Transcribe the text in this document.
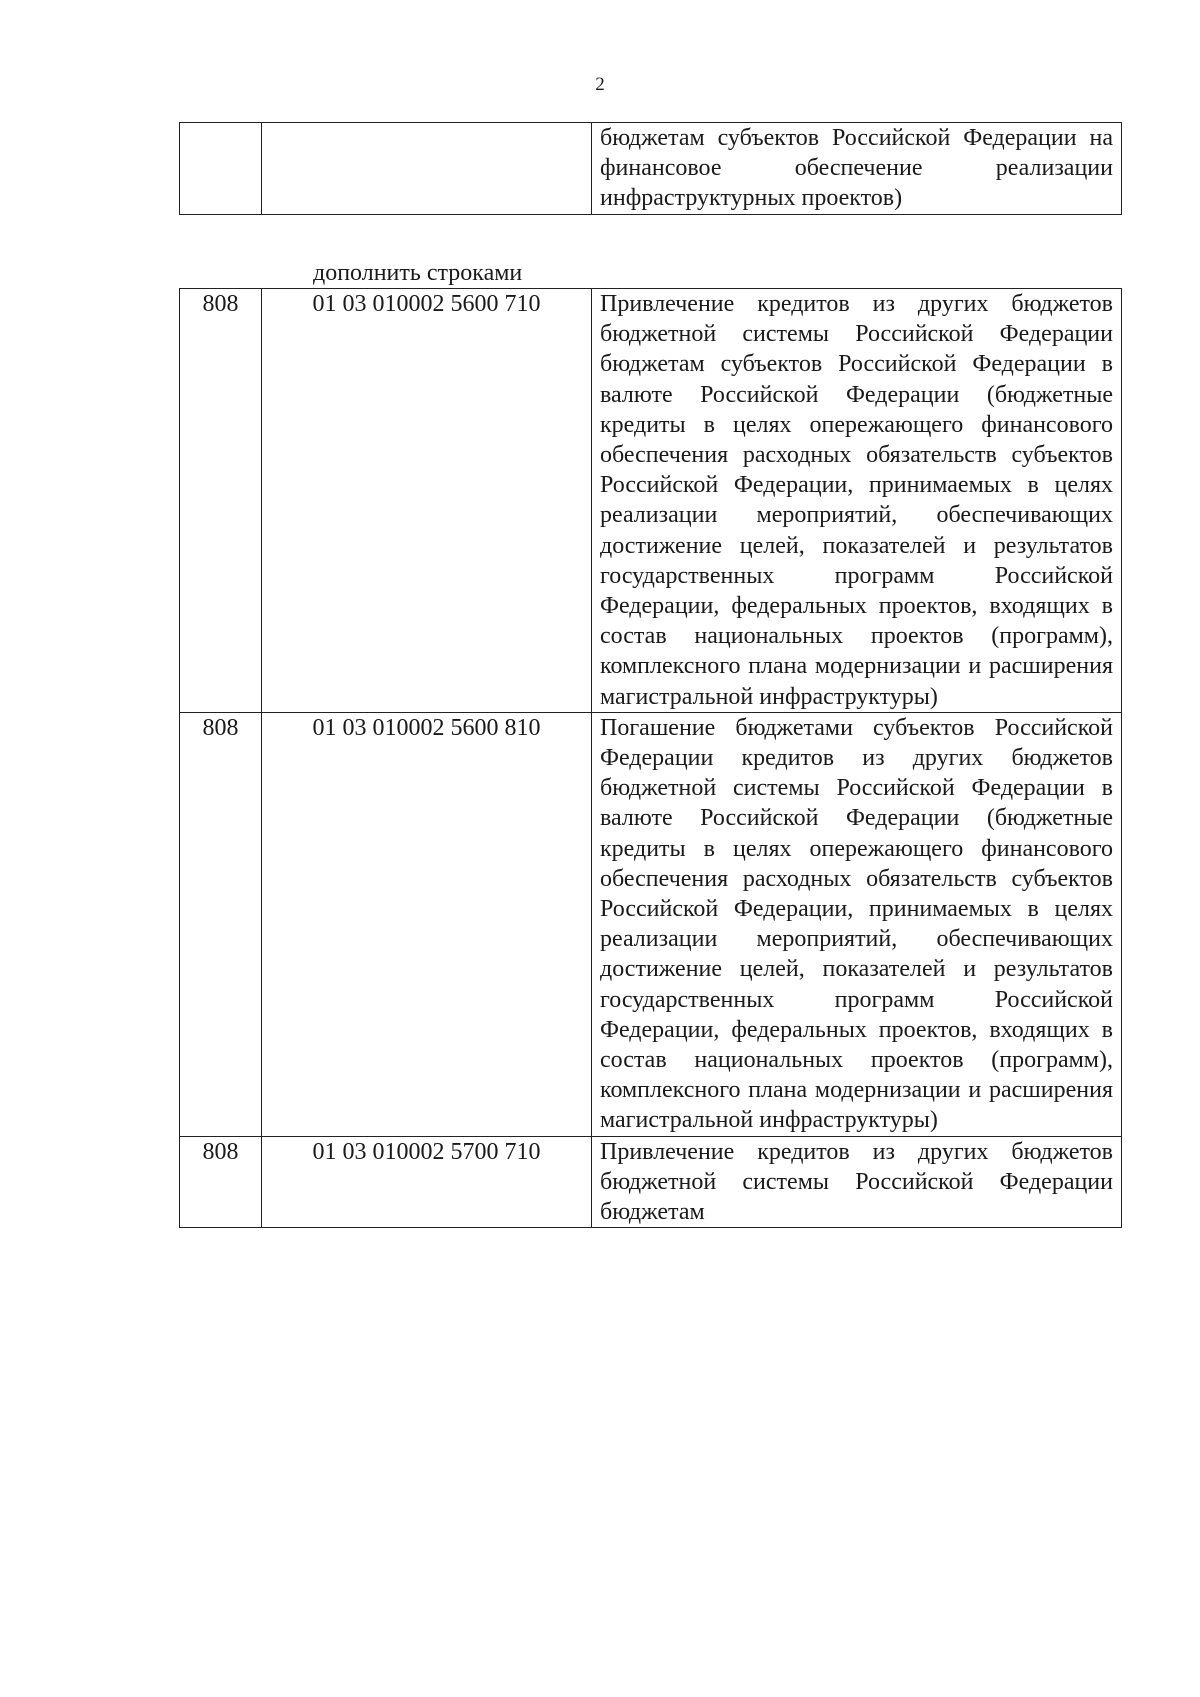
2
		бюджетам субъектов Российской Федерации на финансовое обеспечение реализации инфраструктурных проектов)
дополнить строками
808	01 03 010002 5600 710	Привлечение кредитов из других бюджетов бюджетной системы Российской Федерации бюджетам субъектов Российской Федерации в валюте Российской Федерации (бюджетные кредиты в целях опережающего финансового обеспечения расходных обязательств субъектов Российской Федерации, принимаемых в целях реализации мероприятий, обеспечивающих достижение целей, показателей и результатов государственных программ Российской Федерации, федеральных проектов, входящих в состав национальных проектов (программ), комплексного плана модернизации и расширения магистральной инфраструктуры)
808	01 03 010002 5600 810	Погашение бюджетами субъектов Российской Федерации кредитов из других бюджетов бюджетной системы Российской Федерации в валюте Российской Федерации (бюджетные кредиты в целях опережающего финансового обеспечения расходных обязательств субъектов Российской Федерации, принимаемых в целях реализации мероприятий, обеспечивающих достижение целей, показателей и результатов государственных программ Российской Федерации, федеральных проектов, входящих в состав национальных проектов (программ), комплексного плана модернизации и расширения магистральной инфраструктуры)
808	01 03 010002 5700 710	Привлечение кредитов из других бюджетов бюджетной системы Российской Федерации бюджетам
